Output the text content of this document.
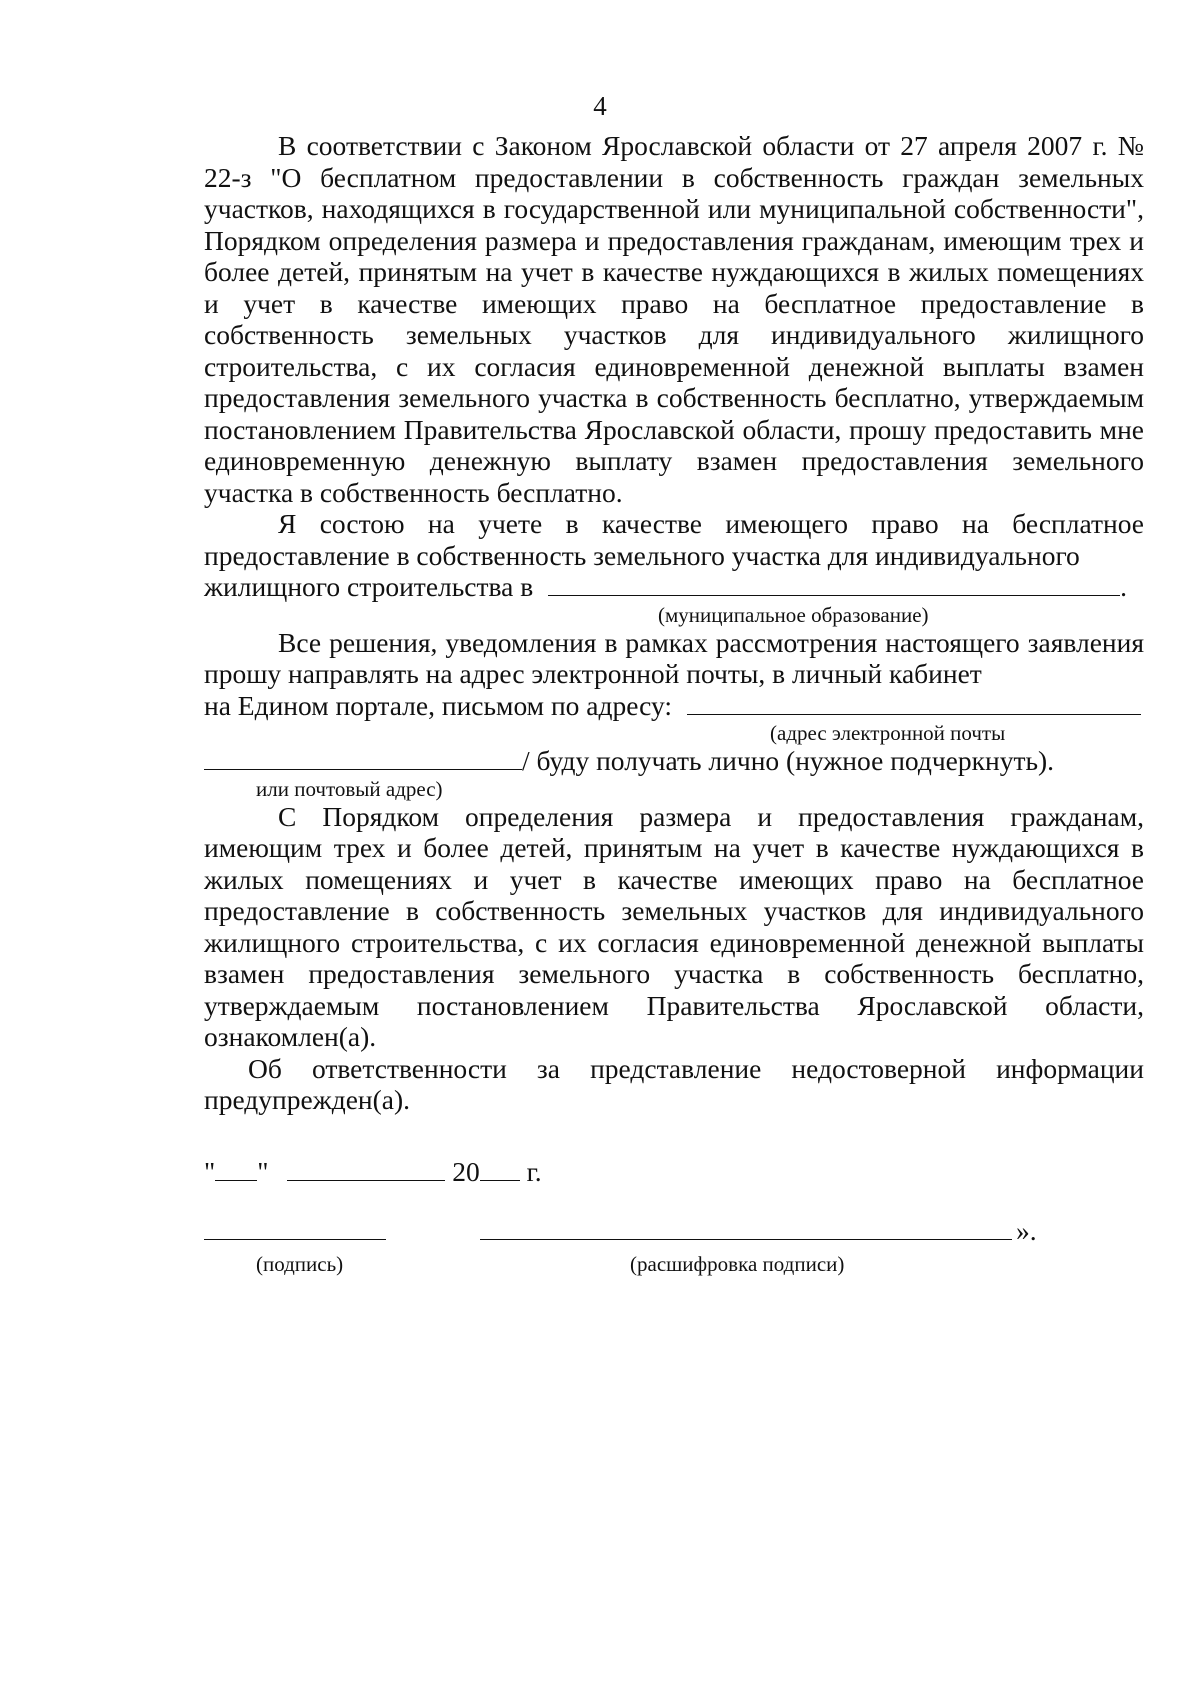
4

В соответствии с Законом Ярославской области от 27 апреля 2007 г. № 22-з "О бесплатном предоставлении в собственность граждан земельных участков, находящихся в государственной или муниципальной собственности", Порядком определения размера и предоставления гражданам, имеющим трех и более детей, принятым на учет в качестве нуждающихся в жилых помещениях и учет в качестве имеющих право на бесплатное предоставление в собственность земельных участков для индивидуального жилищного строительства, с их согласия единовременной денежной выплаты взамен предоставления земельного участка в собственность бесплатно, утверждаемым постановлением Правительства Ярославской области, прошу предоставить мне единовременную денежную выплату взамен предоставления земельного участка в собственность бесплатно.

Я состою на учете в качестве имеющего право на бесплатное предоставление в собственность земельного участка для индивидуального

жилищного строительства в	.
(муниципальное образование)

Все решения, уведомления в рамках рассмотрения настоящего заявления прошу направлять на адрес электронной почты, в личный кабинет

на Едином портале, письмом по адресу:
(адрес электронной почты
/ буду получать лично (нужное подчеркнуть).
или почтовый адрес)

С Порядком определения размера и предоставления гражданам, имеющим трех и более детей, принятым на учет в качестве нуждающихся в жилых помещениях и учет в качестве имеющих право на бесплатное предоставление в собственность земельных участков для индивидуального жилищного строительства, с их согласия единовременной денежной выплаты взамен предоставления земельного участка в собственность бесплатно, утверждаемым постановлением Правительства Ярославской области, ознакомлен(а).

Об ответственности за представление недостоверной информации предупрежден(а).

" "	20 г.
».
(подпись)	(расшифровка подписи)
